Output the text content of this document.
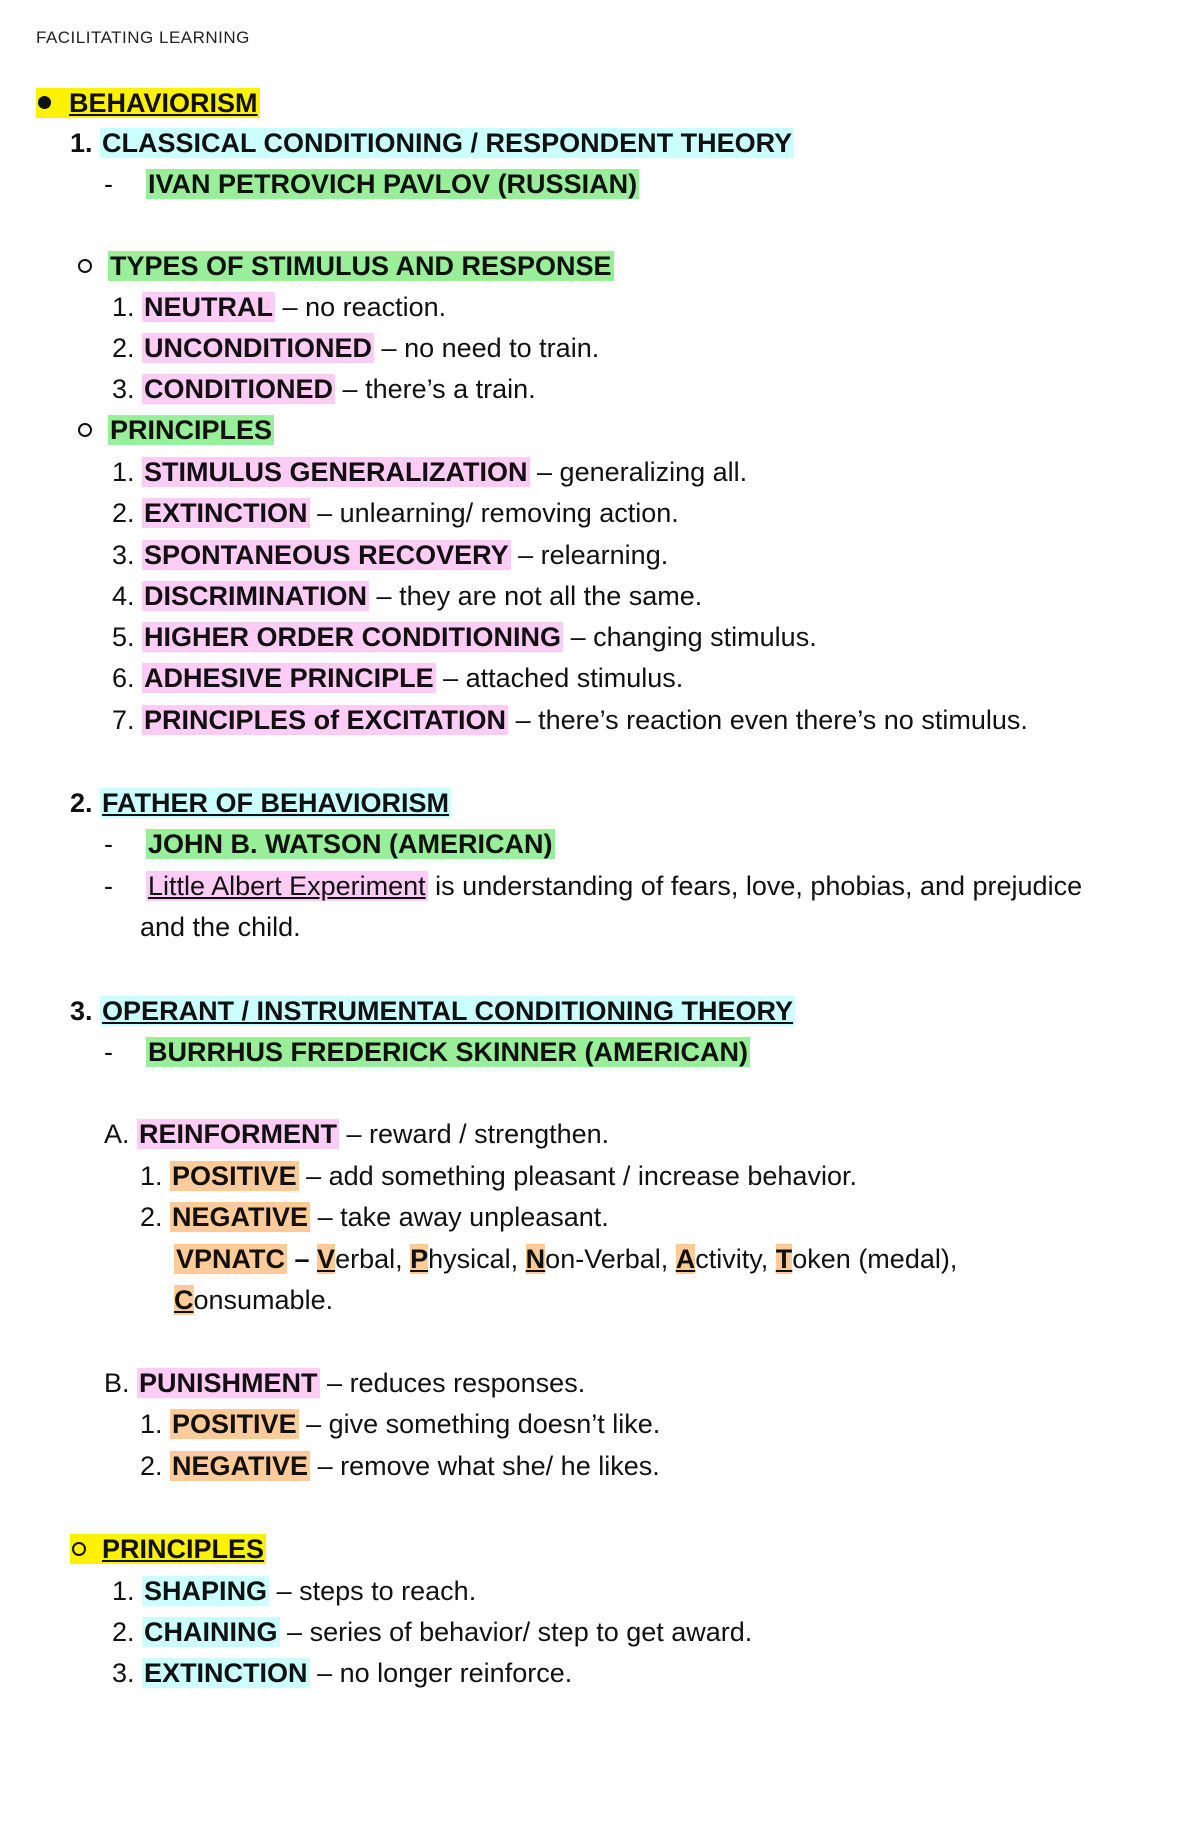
FACILITATING LEARNING
BEHAVIORISM
1. CLASSICAL CONDITIONING / RESPONDENT THEORY
- IVAN PETROVICH PAVLOV (RUSSIAN)
TYPES OF STIMULUS AND RESPONSE
1. NEUTRAL – no reaction.
2. UNCONDITIONED – no need to train.
3. CONDITIONED – there’s a train.
PRINCIPLES
1. STIMULUS GENERALIZATION – generalizing all.
2. EXTINCTION – unlearning/ removing action.
3. SPONTANEOUS RECOVERY – relearning.
4. DISCRIMINATION – they are not all the same.
5. HIGHER ORDER CONDITIONING – changing stimulus.
6. ADHESIVE PRINCIPLE – attached stimulus.
7. PRINCIPLES of EXCITATION – there’s reaction even there’s no stimulus.
2. FATHER OF BEHAVIORISM
- JOHN B. WATSON (AMERICAN)
- Little Albert Experiment is understanding of fears, love, phobias, and prejudice
and the child.
3. OPERANT / INSTRUMENTAL CONDITIONING THEORY
- BURRHUS FREDERICK SKINNER (AMERICAN)
A. REINFORMENT – reward / strengthen.
1. POSITIVE – add something pleasant / increase behavior.
2. NEGATIVE – take away unpleasant.
VPNATC – Verbal, Physical, Non-Verbal, Activity, Token (medal),
Consumable.
B. PUNISHMENT – reduces responses.
1. POSITIVE – give something doesn’t like.
2. NEGATIVE – remove what she/ he likes.
PRINCIPLES
1. SHAPING – steps to reach.
2. CHAINING – series of behavior/ step to get award.
3. EXTINCTION – no longer reinforce.
